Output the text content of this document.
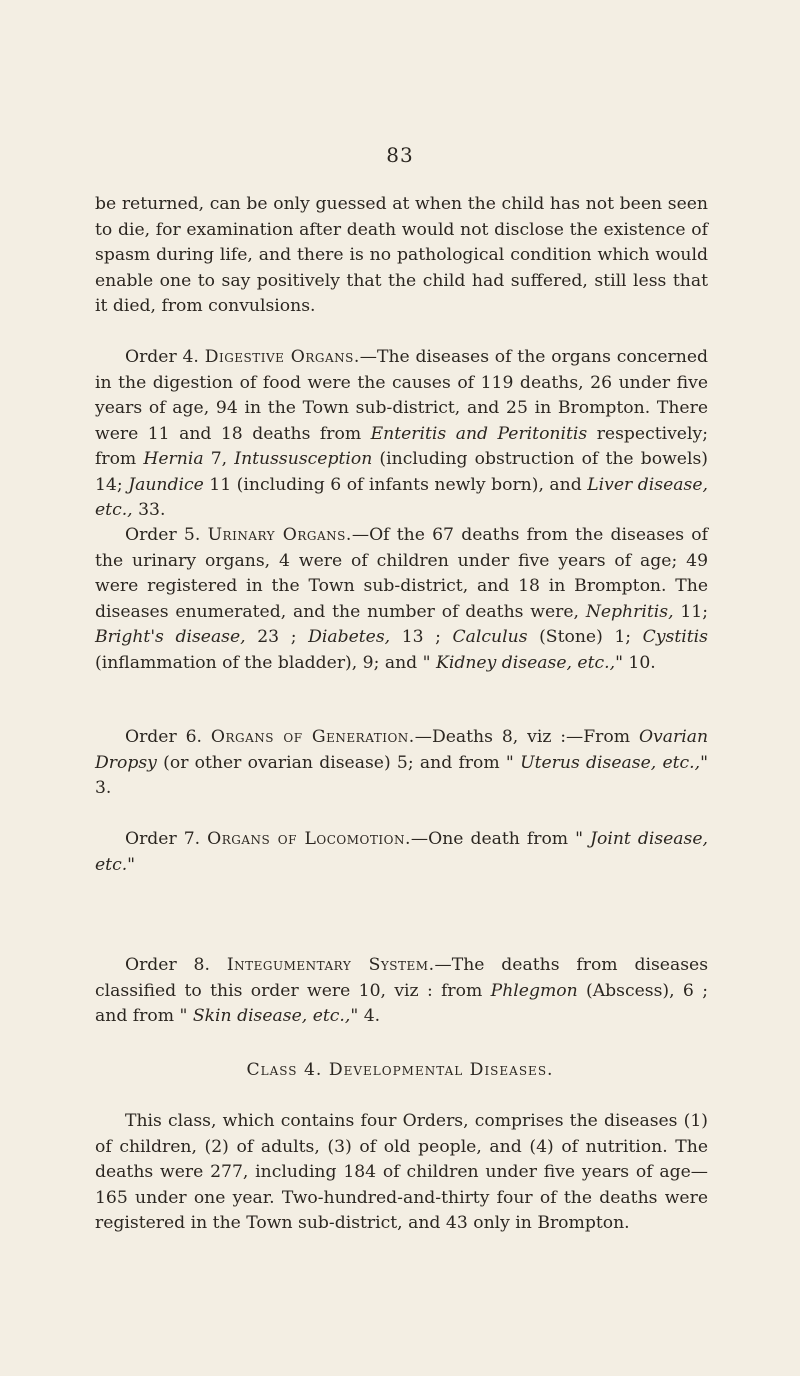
83

be returned, can be only guessed at when the child has not been seen to die, for examination after death would not disclose the existence of spasm during life, and there is no pathological condition which would enable one to say positively that the child had suffered, still less that it died, from convulsions.

Order 4. Digestive Organs.—The diseases of the organs concerned in the digestion of food were the causes of 119 deaths, 26 under five years of age, 94 in the Town sub-district, and 25 in Brompton. There were 11 and 18 deaths from Enteritis and Peritonitis respectively; from Hernia 7, Intussusception (including obstruction of the bowels) 14; Jaundice 11 (including 6 of infants newly born), and Liver disease, etc., 33.

Order 5. Urinary Organs.—Of the 67 deaths from the diseases of the urinary organs, 4 were of children under five years of age; 49 were registered in the Town sub-district, and 18 in Brompton. The diseases enumerated, and the number of deaths were, Nephritis, 11; Bright's disease, 23 ; Diabetes, 13 ; Calculus (Stone) 1; Cystitis (inflammation of the bladder), 9; and " Kidney disease, etc.," 10.

Order 6. Organs of Generation.—Deaths 8, viz :—From Ovarian Dropsy (or other ovarian disease) 5; and from " Uterus disease, etc.," 3.

Order 7. Organs of Locomotion.—One death from " Joint disease, etc."

Order 8. Integumentary System.—The deaths from diseases classified to this order were 10, viz : from Phlegmon (Abscess), 6 ; and from " Skin disease, etc.," 4.

Class 4. Developmental Diseases.

This class, which contains four Orders, comprises the diseases (1) of children, (2) of adults, (3) of old people, and (4) of nutrition. The deaths were 277, including 184 of children under five years of age—165 under one year. Two-hundred-and-thirty four of the deaths were registered in the Town sub-district, and 43 only in Brompton.
